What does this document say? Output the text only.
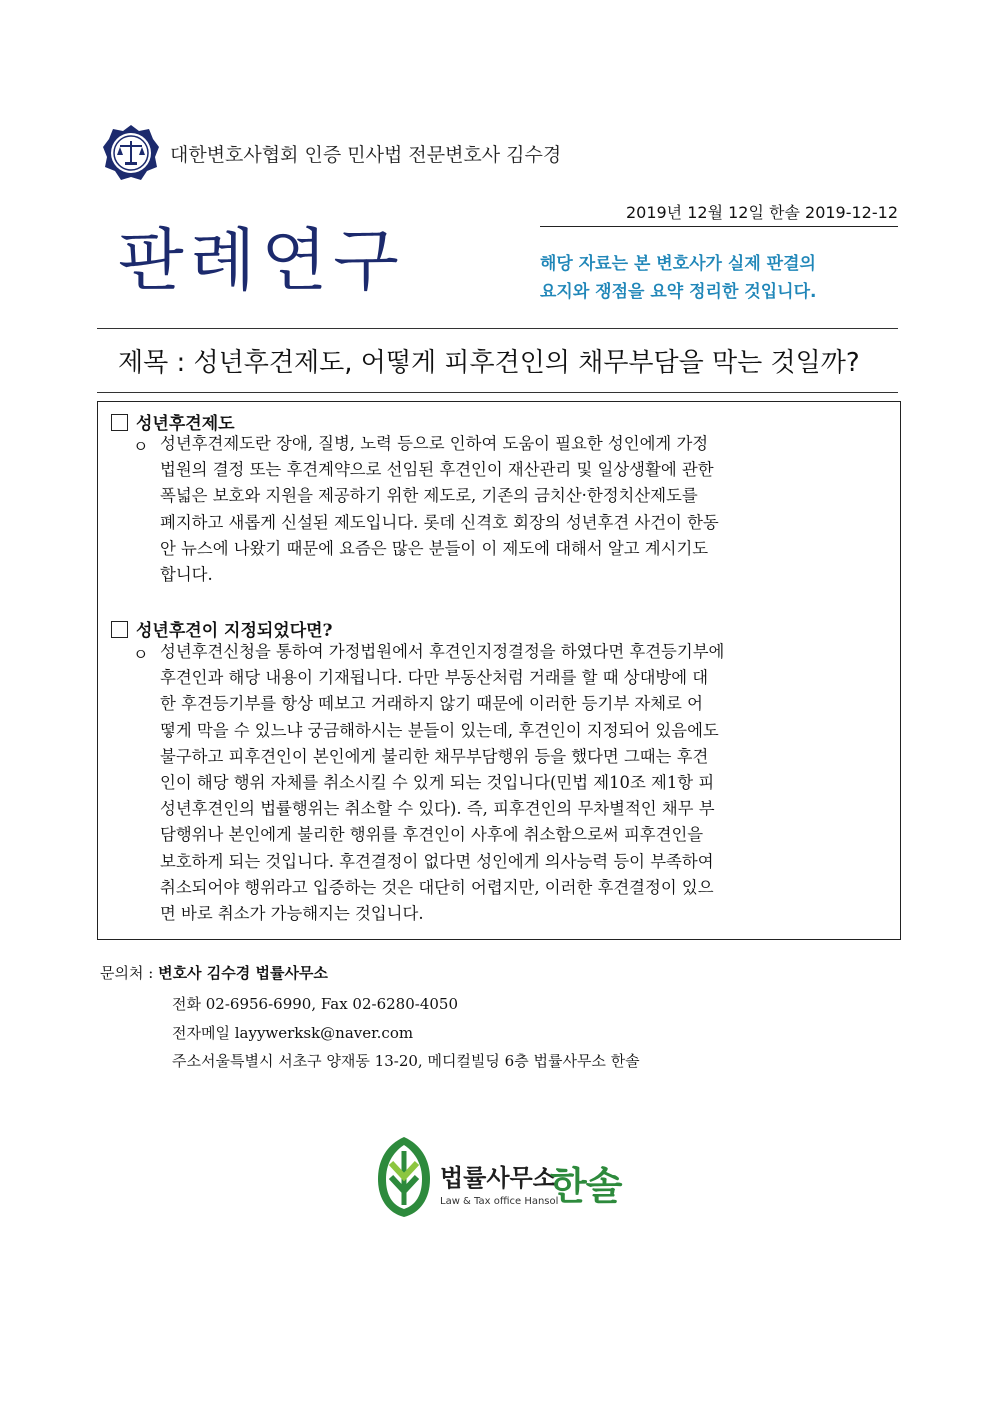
대한변호사협회 인증 민사법 전문변호사 김수경
2019년 12월 12일 한솔 2019-12-12
판례연구	해당 자료는 본 변호사가 실제 판결의
요지와 쟁점을 요약 정리한 것입니다.
제목 : 성년후견제도, 어떻게 피후견인의 채무부담을 막는 것일까?
성년후견제도
ㅇ 성년후견제도란 장애, 질병, 노력 등으로 인하여 도움이 필요한 성인에게 가정
법원의 결정 또는 후견계약으로 선임된 후견인이 재산관리 및 일상생활에 관한
폭넓은 보호와 지원을 제공하기 위한 제도로, 기존의 금치산·한정치산제도를
폐지하고 새롭게 신설된 제도입니다. 롯데 신격호 회장의 성년후견 사건이 한동
안 뉴스에 나왔기 때문에 요즘은 많은 분들이 이 제도에 대해서 알고 계시기도
합니다.
성년후견이 지정되었다면?
ㅇ 성년후견신청을 통하여 가정법원에서 후견인지정결정을 하였다면 후견등기부에
후견인과 해당 내용이 기재됩니다. 다만 부동산처럼 거래를 할 때 상대방에 대
한 후견등기부를 항상 떼보고 거래하지 않기 때문에 이러한 등기부 자체로 어
떻게 막을 수 있느냐 궁금해하시는 분들이 있는데, 후견인이 지정되어 있음에도
불구하고 피후견인이 본인에게 불리한 채무부담행위 등을 했다면 그때는 후견
인이 해당 행위 자체를 취소시킬 수 있게 되는 것입니다(민법 제10조 제1항 피
성년후견인의 법률행위는 취소할 수 있다). 즉, 피후견인의 무차별적인 채무 부
담행위나 본인에게 불리한 행위를 후견인이 사후에 취소함으로써 피후견인을
보호하게 되는 것입니다. 후견결정이 없다면 성인에게 의사능력 등이 부족하여
취소되어야 행위라고 입증하는 것은 대단히 어렵지만, 이러한 후견결정이 있으
면 바로 취소가 가능해지는 것입니다.
문의처 : 변호사 김수경 법률사무소
전화 02-6956-6990, Fax 02-6280-4050
전자메일 layywerksk@naver.com
주소서울특별시 서초구 양재동 13-20, 메디컬빌딩 6층 법률사무소 한솔
법률사무소
한솔
Law & Tax office Hansol
